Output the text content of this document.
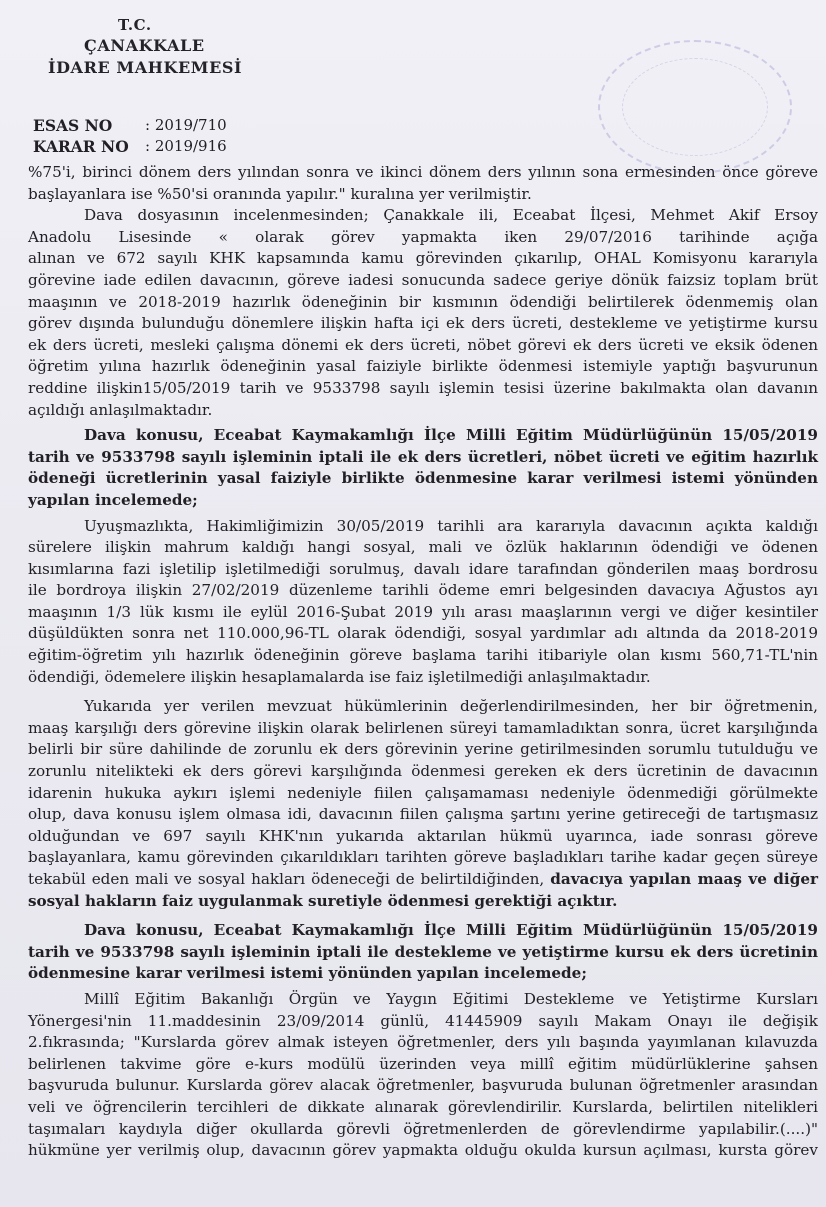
T.C.
ÇANAKKALE
İDARE MAHKEMESİ
ESAS NO : 2019/710
KARAR NO : 2019/916
%75'i, birinci dönem ders yılından sonra ve ikinci dönem ders yılının sona ermesinden önce göreve
başlayanlara ise %50'si oranında yapılır." kuralına yer verilmiştir.
Dava dosyasının incelenmesinden; Çanakkale ili, Eceabat İlçesi, Mehmet Akif Ersoy
Anadolu Lisesinde « olarak görev yapmakta iken 29/07/2016 tarihinde açığa
alınan ve 672 sayılı KHK kapsamında kamu görevinden çıkarılıp, OHAL Komisyonu kararıyla
görevine iade edilen davacının, göreve iadesi sonucunda sadece geriye dönük faizsiz toplam brüt
maaşının ve 2018-2019 hazırlık ödeneğinin bir kısmının ödendiği belirtilerek ödenmemiş olan
görev dışında bulunduğu dönemlere ilişkin hafta içi ek ders ücreti, destekleme ve yetiştirme kursu
ek ders ücreti, mesleki çalışma dönemi ek ders ücreti, nöbet görevi ek ders ücreti ve eksik ödenen
öğretim yılına hazırlık ödeneğinin yasal faiziyle birlikte ödenmesi istemiyle yaptığı başvurunun
reddine ilişkin15/05/2019 tarih ve 9533798 sayılı işlemin tesisi üzerine bakılmakta olan davanın
açıldığı anlaşılmaktadır.
Dava konusu, Eceabat Kaymakamlığı İlçe Milli Eğitim Müdürlüğünün 15/05/2019
tarih ve 9533798 sayılı işleminin iptali ile ek ders ücretleri, nöbet ücreti ve eğitim hazırlık
ödeneği ücretlerinin yasal faiziyle birlikte ödenmesine karar verilmesi istemi yönünden
yapılan incelemede;
Uyuşmazlıkta, Hakimliğimizin 30/05/2019 tarihli ara kararıyla davacının açıkta kaldığı
sürelere ilişkin mahrum kaldığı hangi sosyal, mali ve özlük haklarının ödendiği ve ödenen
kısımlarına fazi işletilip işletilmediği sorulmuş, davalı idare tarafından gönderilen maaş bordrosu
ile bordroya ilişkin 27/02/2019 düzenleme tarihli ödeme emri belgesinden davacıya Ağustos ayı
maaşının 1/3 lük kısmı ile eylül 2016-Şubat 2019 yılı arası maaşlarının vergi ve diğer kesintiler
düşüldükten sonra net 110.000,96-TL olarak ödendiği, sosyal yardımlar adı altında da 2018-2019
eğitim-öğretim yılı hazırlık ödeneğinin göreve başlama tarihi itibariyle olan kısmı 560,71-TL'nin
ödendiği, ödemelere ilişkin hesaplamalarda ise faiz işletilmediği anlaşılmaktadır.
Yukarıda yer verilen mevzuat hükümlerinin değerlendirilmesinden, her bir öğretmenin,
maaş karşılığı ders görevine ilişkin olarak belirlenen süreyi tamamladıktan sonra, ücret karşılığında
belirli bir süre dahilinde de zorunlu ek ders görevinin yerine getirilmesinden sorumlu tutulduğu ve
zorunlu nitelikteki ek ders görevi karşılığında ödenmesi gereken ek ders ücretinin de davacının
idarenin hukuka aykırı işlemi nedeniyle fiilen çalışamaması nedeniyle ödenmediği görülmekte
olup, dava konusu işlem olmasa idi, davacının fiilen çalışma şartını yerine getireceği de tartışmasız
olduğundan ve 697 sayılı KHK'nın yukarıda aktarılan hükmü uyarınca, iade sonrası göreve
başlayanlara, kamu görevinden çıkarıldıkları tarihten göreve başladıkları tarihe kadar geçen süreye
tekabül eden mali ve sosyal hakları ödeneceği de belirtildiğinden, davacıya yapılan maaş ve diğer
sosyal hakların faiz uygulanmak suretiyle ödenmesi gerektiği açıktır.
Dava konusu, Eceabat Kaymakamlığı İlçe Milli Eğitim Müdürlüğünün 15/05/2019
tarih ve 9533798 sayılı işleminin iptali ile destekleme ve yetiştirme kursu ek ders ücretinin
ödenmesine karar verilmesi istemi yönünden yapılan incelemede;
Millî Eğitim Bakanlığı Örgün ve Yaygın Eğitimi Destekleme ve Yetiştirme Kursları
Yönergesi'nin 11.maddesinin 23/09/2014 günlü, 41445909 sayılı Makam Onayı ile değişik
2.fıkrasında; "Kurslarda görev almak isteyen öğretmenler, ders yılı başında yayımlanan kılavuzda
belirlenen takvime göre e-kurs modülü üzerinden veya millî eğitim müdürlüklerine şahsen
başvuruda bulunur. Kurslarda görev alacak öğretmenler, başvuruda bulunan öğretmenler arasından
veli ve öğrencilerin tercihleri de dikkate alınarak görevlendirilir. Kurslarda, belirtilen nitelikleri
taşımaları kaydıyla diğer okullarda görevli öğretmenlerden de görevlendirme yapılabilir.(....)"
hükmüne yer verilmiş olup, davacının görev yapmakta olduğu okulda kursun açılması, kursta görev
